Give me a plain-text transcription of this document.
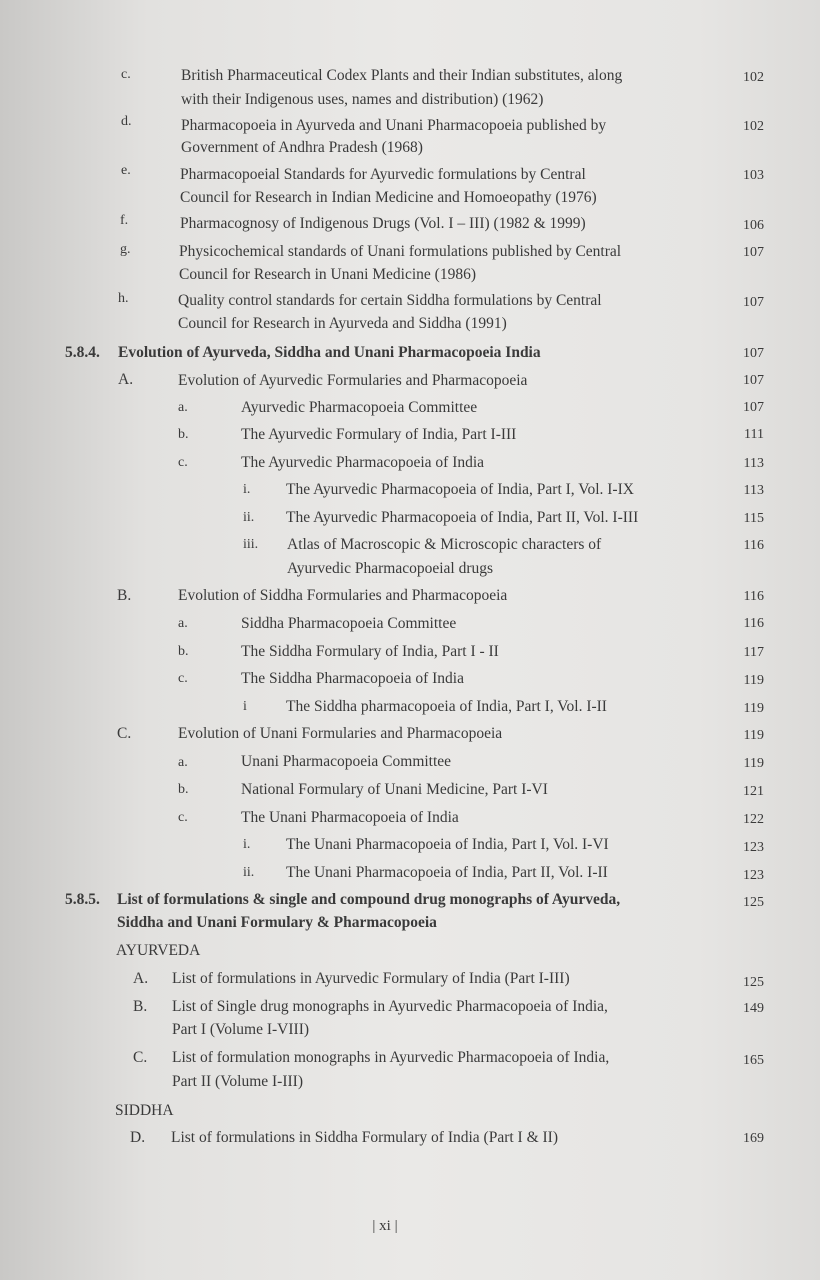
c.	British Pharmaceutical Codex Plants and their Indian substitutes, along
with their Indigenous uses, names and distribution) (1962)
102
d.	Pharmacopoeia in Ayurveda and Unani Pharmacopoeia published by
Government of Andhra Pradesh (1968)
102
e.	Pharmacopoeial Standards for Ayurvedic formulations by Central
Council for Research in Indian Medicine and Homoeopathy (1976)
103
f.	Pharmacognosy of Indigenous Drugs (Vol. I – III) (1982 & 1999)	106
g.	Physicochemical standards of Unani formulations published by Central
Council for Research in Unani Medicine (1986)
107
h.	Quality control standards for certain Siddha formulations by Central
Council for Research in Ayurveda and Siddha (1991)
107
5.8.4. Evolution of Ayurveda, Siddha and Unani Pharmacopoeia India	107
A.	Evolution of Ayurvedic Formularies and Pharmacopoeia	107
a.	Ayurvedic Pharmacopoeia Committee	107
b.	The Ayurvedic Formulary of India, Part I-III	111
c.	The Ayurvedic Pharmacopoeia of India	113
i. The Ayurvedic Pharmacopoeia of India, Part I, Vol. I-IX	113
ii. The Ayurvedic Pharmacopoeia of India, Part II, Vol. I-III	115
iii. Atlas of Macroscopic & Microscopic characters of
Ayurvedic Pharmacopoeial drugs
116
B.	Evolution of Siddha Formularies and Pharmacopoeia	116
a.	Siddha Pharmacopoeia Committee	116
b.	The Siddha Formulary of India, Part I - II	117
c.	The Siddha Pharmacopoeia of India	119
i	The Siddha pharmacopoeia of India, Part I, Vol. I-II	119
C.	Evolution of Unani Formularies and Pharmacopoeia	119
a.	Unani Pharmacopoeia Committee	119
b.	National Formulary of Unani Medicine, Part I-VI	121
c.	The Unani Pharmacopoeia of India	122
i. The Unani Pharmacopoeia of India, Part I, Vol. I-VI	123
ii. The Unani Pharmacopoeia of India, Part II, Vol. I-II	123
5.8.5. List of formulations & single and compound drug monographs of Ayurveda,
Siddha and Unani Formulary & Pharmacopoeia
125
AYURVEDA
A. List of formulations in Ayurvedic Formulary of India (Part I-III)	125
B. List of Single drug monographs in Ayurvedic Pharmacopoeia of India,
Part I (Volume I-VIII)
149
C. List of formulation monographs in Ayurvedic Pharmacopoeia of India,
Part II (Volume I-III)
165
SIDDHA
D. List of formulations in Siddha Formulary of India (Part I & II)	169
| xi |
